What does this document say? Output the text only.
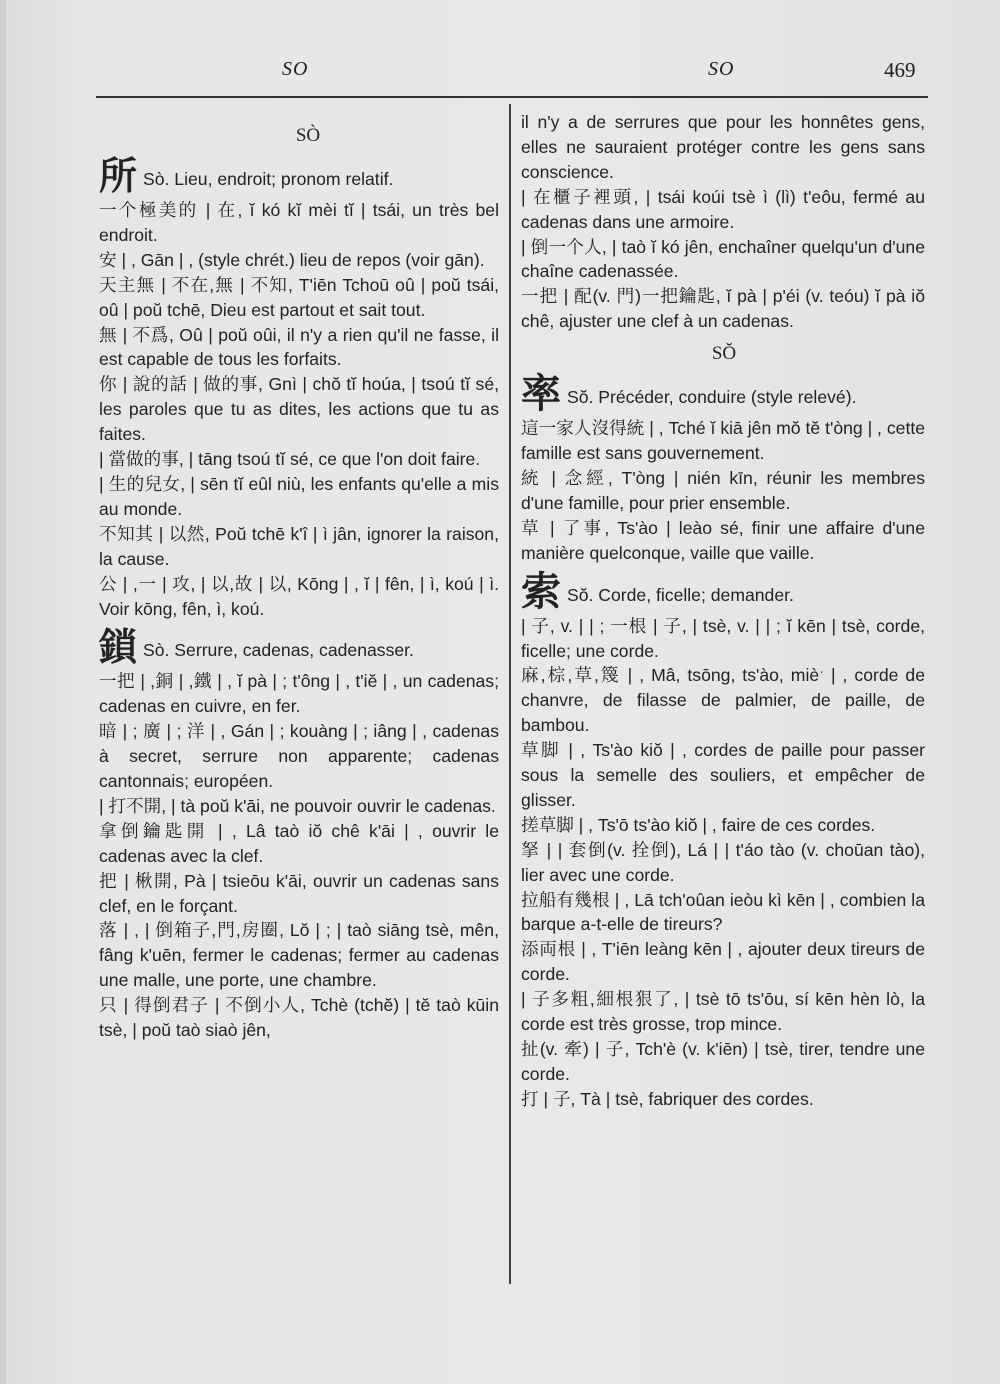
SO	SO	469

SÒ

所 Sò. Lieu, endroit; pronom relatif.

一个極美的 | 在, ĭ kó kĭ mèi tĭ | tsái, un très bel endroit.

安 | , Gān | , (style chrét.) lieu de repos (voir gān).

天主無 | 不在,無 | 不知, T'iēn Tchoū oû | poŭ tsái, oû | poŭ tchē, Dieu est partout et sait tout.

無 | 不爲, Oû | poŭ oûi, il n'y a rien qu'il ne fasse, il est capable de tous les forfaits.

你 | 說的話 | 做的事, Gnì | chŏ tĭ hoúa, | tsoú tĭ sé, les paroles que tu as dites, les actions que tu as faites.

| 當做的事, | tāng tsoú tĭ sé, ce que l'on doit faire.

| 生的兒女, | sēn tĭ eûl niù, les enfants qu'elle a mis au monde.

不知其 | 以然, Poŭ tchē k'î | ì jân, ignorer la raison, la cause.

公 | ,一 | 攻, | 以,故 | 以, Kōng | , ĭ | fên, | ì, koú | ì. Voir kōng, fên, ì, koú.

鎖 Sò. Serrure, cadenas, cadenasser.

一把 | ,銅 | ,鐵 | , ĭ pà | ; t'ông | , t'iĕ | , un cadenas; cadenas en cuivre, en fer.

暗 | ; 廣 | ; 洋 | , Gán | ; kouàng | ; iâng | , cadenas à secret, serrure non apparente; cadenas cantonnais; européen.

| 打不開, | tà poŭ k'āi, ne pouvoir ouvrir le cadenas.

拿倒鑰匙開 | , Lâ taò iŏ chê k'āi | , ouvrir le cadenas avec la clef.

把 | 楸開, Pà | tsieōu k'āi, ouvrir un cadenas sans clef, en le forçant.

落 | , | 倒箱子,門,房圈, Lŏ | ; | taò siāng tsè, mên, fâng k'uēn, fermer le cadenas; fermer au cadenas une malle, une porte, une chambre.

只 | 得倒君子 | 不倒小人, Tchè (tchĕ) | tĕ taò kūin tsè, | poŭ taò siaò jên,

il n'y a de serrures que pour les honnêtes gens, elles ne sauraient protéger contre les gens sans conscience.

| 在櫃子裡頭, | tsái koúi tsè ì (lì) t'eôu, fermé au cadenas dans une armoire.

| 倒一个人, | taò ĭ kó jên, enchaîner quelqu'un d'une chaîne cadenassée.

一把 | 配(v. 門)一把鑰匙, ĭ pà | p'éi (v. teóu) ĭ pà iŏ chê, ajuster une clef à un cadenas.

SŎ

率 Sŏ. Précéder, conduire (style relevé).

這一家人沒得統 | , Tché ĭ kiā jên mŏ tĕ t'òng | , cette famille est sans gouvernement.

統 | 念經, T'òng | nién kīn, réunir les membres d'une famille, pour prier ensemble.

草 | 了事, Ts'ào | leào sé, finir une affaire d'une manière quelconque, vaille que vaille.

索 Sŏ. Corde, ficelle; demander.

| 子, v. | | ; 一根 | 子, | tsè, v. | | ; ĭ kēn | tsè, corde, ficelle; une corde.

麻,棕,草,篾 | , Mâ, tsōng, ts'ào, mièˑ | , corde de chanvre, de filasse de palmier, de paille, de bambou.

草脚 | , Ts'ào kiŏ | , cordes de paille pour passer sous la semelle des souliers, et empêcher de glisser.

搓草脚 | , Ts'ō ts'ào kiŏ | , faire de ces cordes.

拏 | | 套倒(v. 拴倒), Lá | | t'áo tào (v. choūan tào), lier avec une corde.

拉船有幾根 | , Lā tch'oûan ieòu kì kēn | , combien la barque a-t-elle de tireurs?

添両根 | , T'iēn leàng kēn | , ajouter deux tireurs de corde.

| 子多粗,細根狠了, | tsè tō ts'ōu, sí kēn hèn lò, la corde est très grosse, trop mince.

扯(v. 牽) | 子, Tch'è (v. k'iēn) | tsè, tirer, tendre une corde.

打 | 子, Tà | tsè, fabriquer des cordes.
